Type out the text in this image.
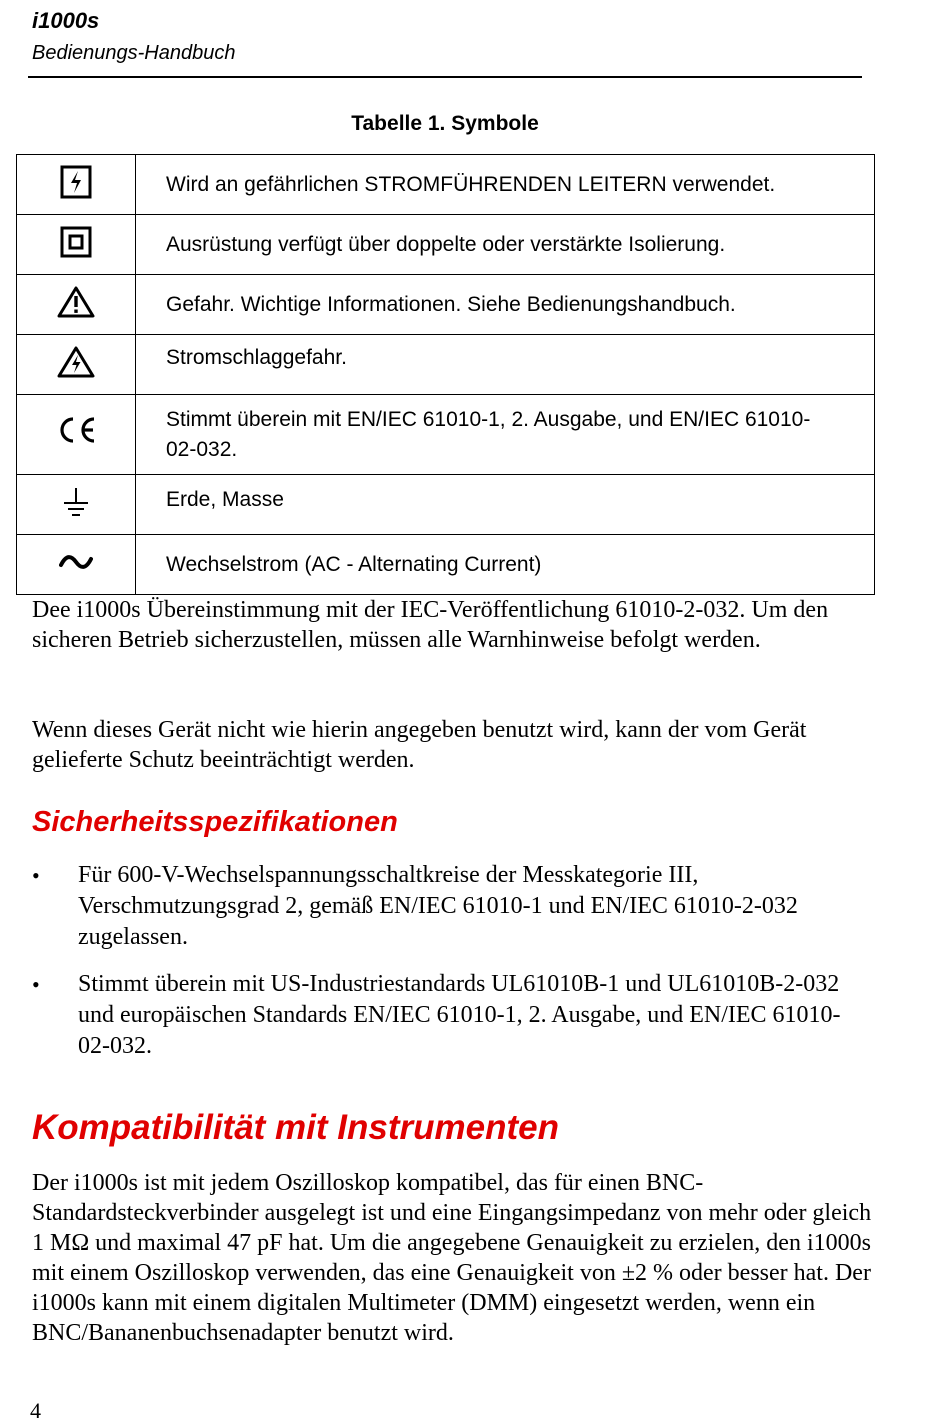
i1000s
Bedienungs-Handbuch
Tabelle 1. Symbole
	Wird an gefährlichen STROMFÜHRENDEN LEITERN verwendet.
	Ausrüstung verfügt über doppelte oder verstärkte Isolierung.
	Gefahr. Wichtige Informationen. Siehe Bedienungshandbuch.
	Stromschlaggefahr.
	Stimmt überein mit EN/IEC 61010-1, 2. Ausgabe, und EN/IEC 61010-02-032.
	Erde, Masse
	Wechselstrom (AC - Alternating Current)

Dee i1000s Übereinstimmung mit der IEC-Veröffentlichung 61010-2-032. Um den sicheren Betrieb sicherzustellen, müssen alle Warnhinweise befolgt werden.

Wenn dieses Gerät nicht wie hierin angegeben benutzt wird, kann der vom Gerät gelieferte Schutz beeinträchtigt werden.

Sicherheitsspezifikationen
• Für 600-V-Wechselspannungsschaltkreise der Messkategorie III, Verschmutzungsgrad 2, gemäß EN/IEC 61010-1 und EN/IEC 61010-2-032 zugelassen.
• Stimmt überein mit US-Industriestandards UL61010B-1 und UL61010B-2-032 und europäischen Standards EN/IEC 61010-1, 2. Ausgabe, und EN/IEC 61010-02-032.
Kompatibilität mit Instrumenten

Der i1000s ist mit jedem Oszilloskop kompatibel, das für einen BNC-Standardsteckverbinder ausgelegt ist und eine Eingangsimpedanz von mehr oder gleich 1 MΩ und maximal 47 pF hat. Um die angegebene Genauigkeit zu erzielen, den i1000s mit einem Oszilloskop verwenden, das eine Genauigkeit von ±2 % oder besser hat. Der i1000s kann mit einem digitalen Multimeter (DMM) eingesetzt werden, wenn ein BNC/Bananenbuchsenadapter benutzt wird.

4
